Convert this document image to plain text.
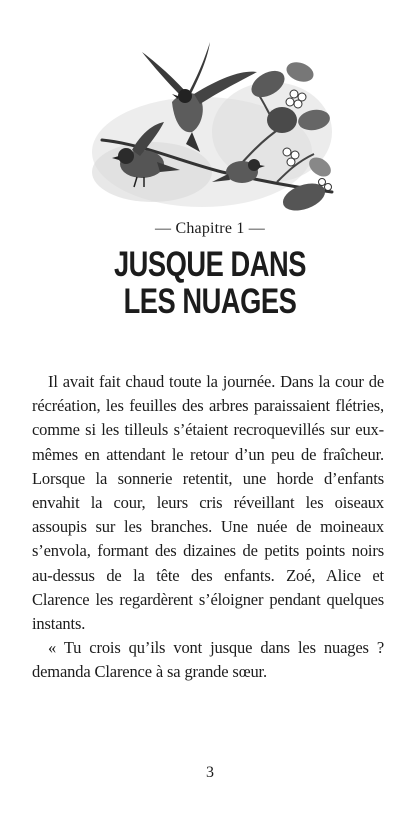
— Chapitre 1 —
JUSQUE DANS
LES NUAGES

Il avait fait chaud toute la journée. Dans la cour de récréation, les feuilles des arbres paraissaient flétries, comme si les tilleuls s’étaient recroquevillés sur eux-mêmes en attendant le retour d’un peu de fraîcheur. Lorsque la sonnerie retentit, une horde d’enfants envahit la cour, leurs cris réveillant les oiseaux assoupis sur les branches. Une nuée de moineaux s’envola, formant des dizaines de petits points noirs au-dessus de la tête des enfants. Zoé, Alice et Clarence les regardèrent s’éloigner pendant quelques instants.

« Tu crois qu’ils vont jusque dans les nuages ? demanda Clarence à sa grande sœur.

3
